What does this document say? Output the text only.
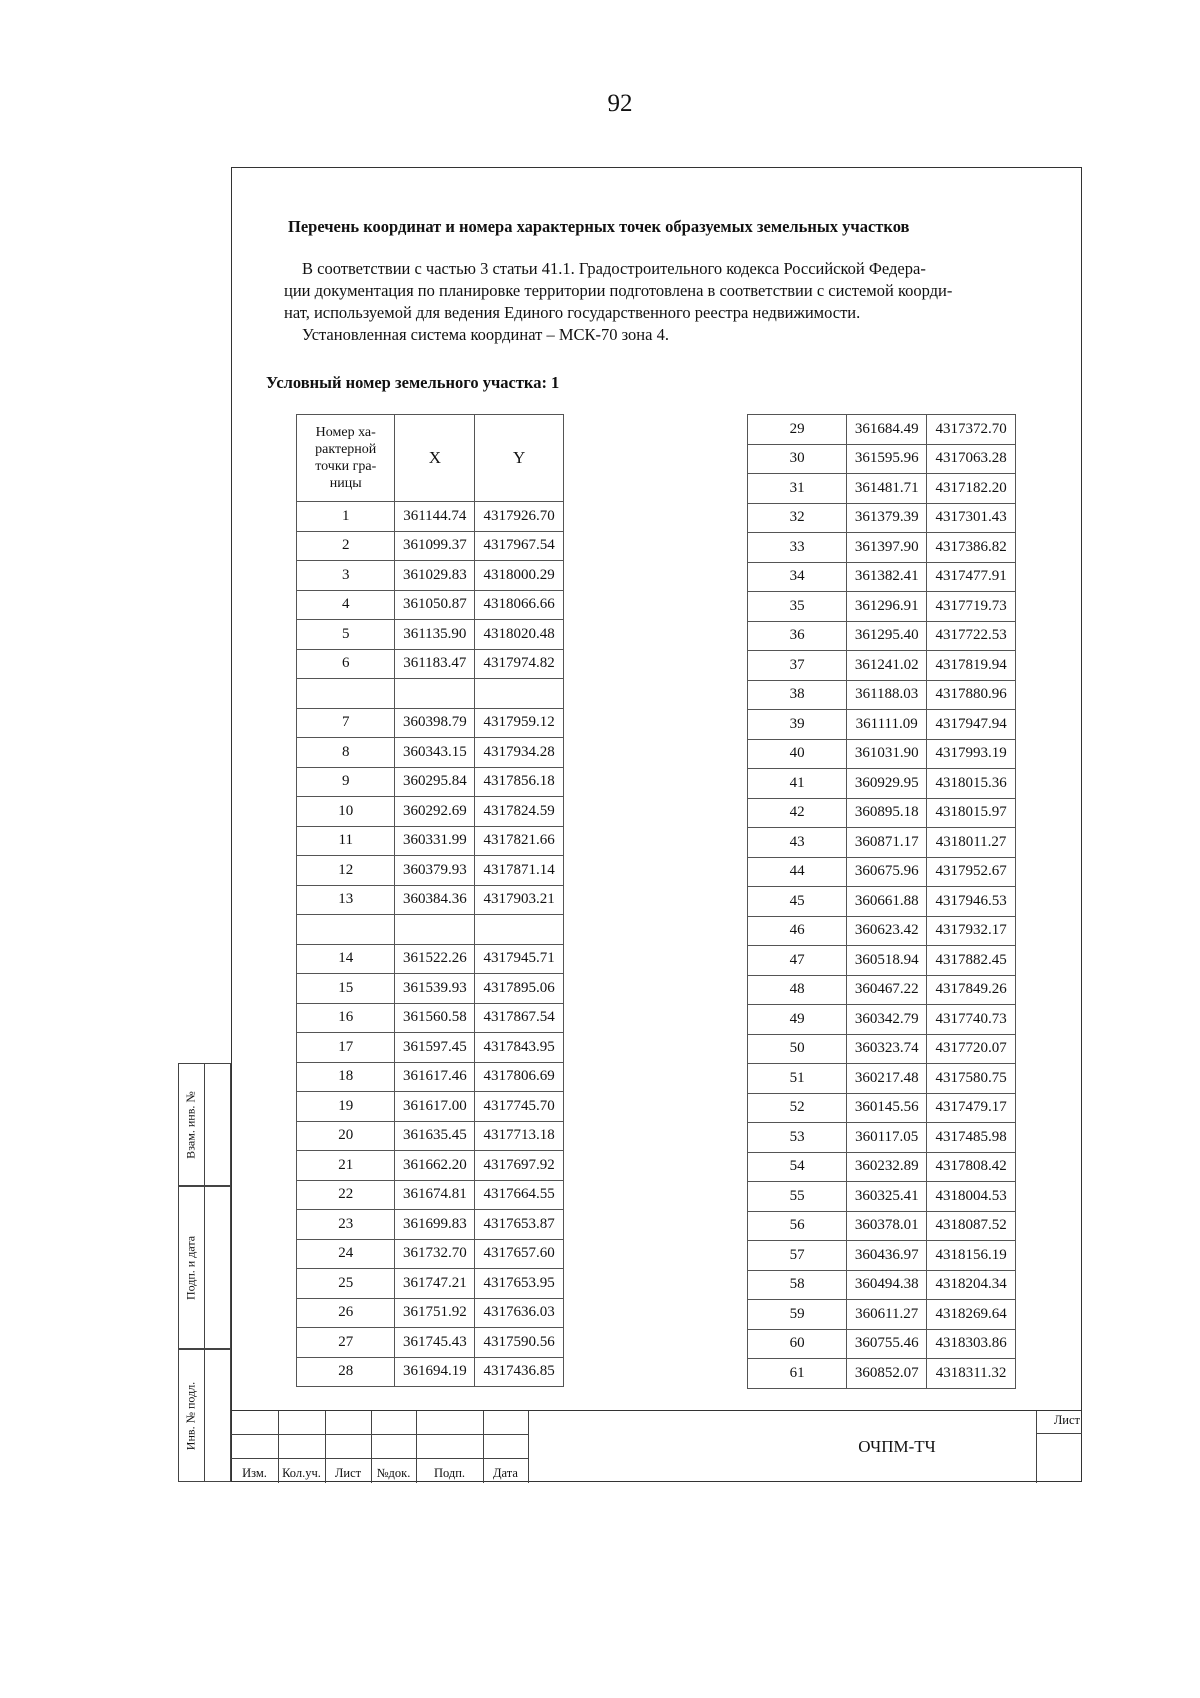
92
Перечень координат и номера характерных точек образуемых земельных участков
В соответствии с частью 3 статьи 41.1. Градостроительного кодекса Российской Федера-
ции документация по планировке территории подготовлена в соответствии с системой коорди-
нат, используемой для ведения Единого государственного реестра недвижимости.
Установленная система координат – МСК-70 зона 4.
Условный номер земельного участка: 1
Номер ха-
рактерной
точки гра-
ницы	X	Y
1	361144.74	4317926.70
2	361099.37	4317967.54
3	361029.83	4318000.29
4	361050.87	4318066.66
5	361135.90	4318020.48
6	361183.47	4317974.82

7	360398.79	4317959.12
8	360343.15	4317934.28
9	360295.84	4317856.18
10	360292.69	4317824.59
11	360331.99	4317821.66
12	360379.93	4317871.14
13	360384.36	4317903.21

14	361522.26	4317945.71
15	361539.93	4317895.06
16	361560.58	4317867.54
17	361597.45	4317843.95
18	361617.46	4317806.69
19	361617.00	4317745.70
20	361635.45	4317713.18
21	361662.20	4317697.92
22	361674.81	4317664.55
23	361699.83	4317653.87
24	361732.70	4317657.60
25	361747.21	4317653.95
26	361751.92	4317636.03
27	361745.43	4317590.56
28	361694.19	4317436.85
29	361684.49	4317372.70
30	361595.96	4317063.28
31	361481.71	4317182.20
32	361379.39	4317301.43
33	361397.90	4317386.82
34	361382.41	4317477.91
35	361296.91	4317719.73
36	361295.40	4317722.53
37	361241.02	4317819.94
38	361188.03	4317880.96
39	361111.09	4317947.94
40	361031.90	4317993.19
41	360929.95	4318015.36
42	360895.18	4318015.97
43	360871.17	4318011.27
44	360675.96	4317952.67
45	360661.88	4317946.53
46	360623.42	4317932.17
47	360518.94	4317882.45
48	360467.22	4317849.26
49	360342.79	4317740.73
50	360323.74	4317720.07
51	360217.48	4317580.75
52	360145.56	4317479.17
53	360117.05	4317485.98
54	360232.89	4317808.42
55	360325.41	4318004.53
56	360378.01	4318087.52
57	360436.97	4318156.19
58	360494.38	4318204.34
59	360611.27	4318269.64
60	360755.46	4318303.86
61	360852.07	4318311.32
Взам. инв. №
Подп. и дата
Инв. № подл.
Изм.	Кол.уч.	Лист	№док.	Подп.	Дата
ОЧПМ-ТЧ
Лист
